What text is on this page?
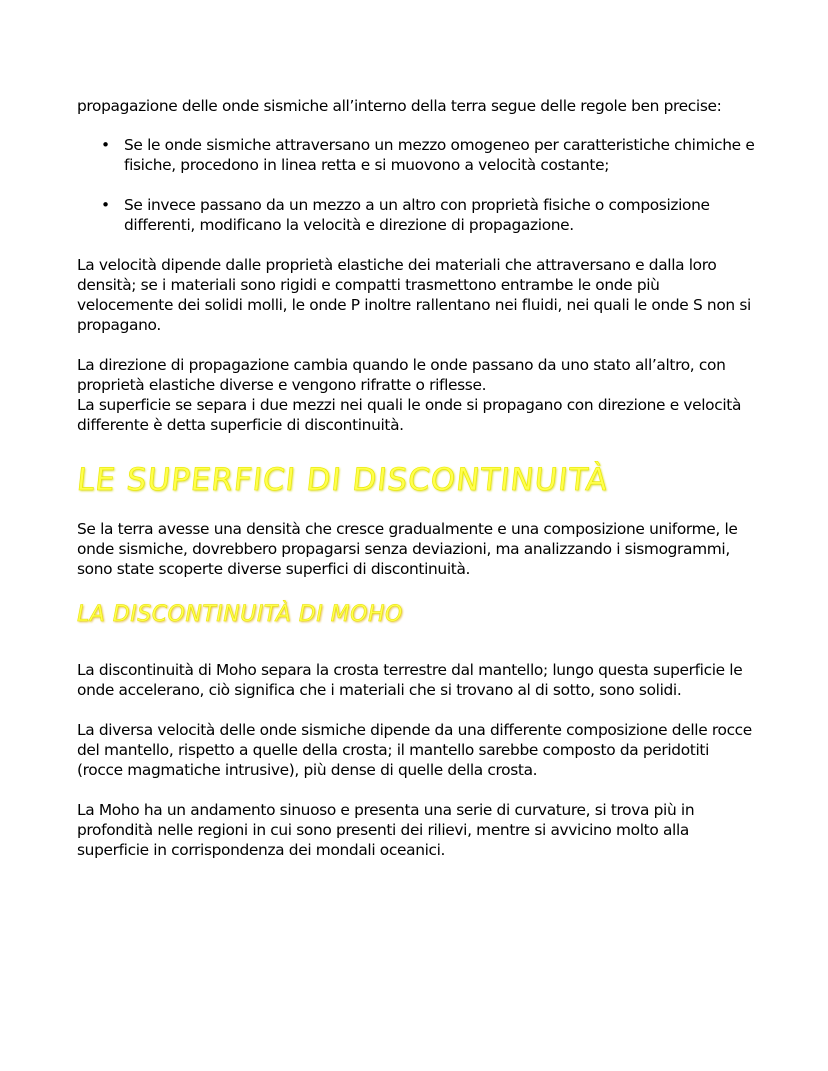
propagazione delle onde sismiche all’interno della terra segue delle regole ben precise:

• Se le onde sismiche attraversano un mezzo omogeneo per caratteristiche chimiche e fisiche, procedono in linea retta e si muovono a velocità costante;
• Se invece passano da un mezzo a un altro con proprietà fisiche o composizione differenti, modificano la velocità e direzione di propagazione.

La velocità dipende dalle proprietà elastiche dei materiali che attraversano e dalla loro densità; se i materiali sono rigidi e compatti trasmettono entrambe le onde più velocemente dei solidi molli, le onde P inoltre rallentano nei fluidi, nei quali le onde S non si propagano.

La direzione di propagazione cambia quando le onde passano da uno stato all’altro, con proprietà elastiche diverse e vengono rifratte o riflesse.

La superficie se separa i due mezzi nei quali le onde si propagano con direzione e velocità differente è detta superficie di discontinuità.

LE SUPERFICI DI DISCONTINUITÀ

Se la terra avesse una densità che cresce gradualmente e una composizione uniforme, le onde sismiche, dovrebbero propagarsi senza deviazioni, ma analizzando i sismogrammi, sono state scoperte diverse superfici di discontinuità.

LA DISCONTINUITÀ DI MOHO

La discontinuità di Moho separa la crosta terrestre dal mantello; lungo questa superficie le onde accelerano, ciò significa che i materiali che si trovano al di sotto, sono solidi.

La diversa velocità delle onde sismiche dipende da una differente composizione delle rocce del mantello, rispetto a quelle della crosta; il mantello sarebbe composto da peridotiti (rocce magmatiche intrusive), più dense di quelle della crosta.

La Moho ha un andamento sinuoso e presenta una serie di curvature, si trova più in profondità nelle regioni in cui sono presenti dei rilievi, mentre si avvicino molto alla superficie in corrispondenza dei mondali oceanici.
